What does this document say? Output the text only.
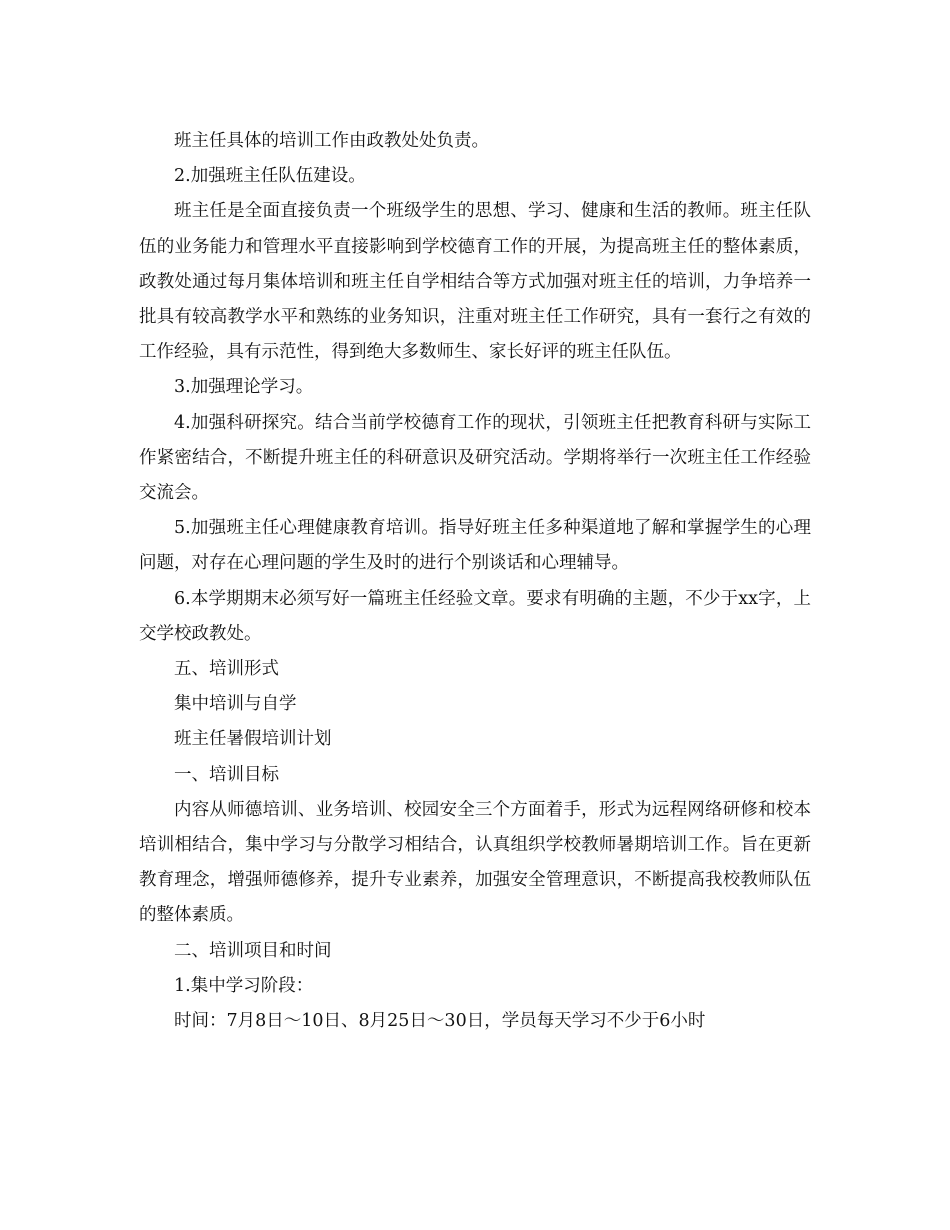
班主任具体的培训工作由政教处处负责。

2.加强班主任队伍建设。

班主任是全面直接负责一个班级学生的思想、学习、健康和生活的教师。班主任队伍的业务能力和管理水平直接影响到学校德育工作的开展，为提高班主任的整体素质，政教处通过每月集体培训和班主任自学相结合等方式加强对班主任的培训，力争培养一批具有较高教学水平和熟练的业务知识，注重对班主任工作研究，具有一套行之有效的工作经验，具有示范性，得到绝大多数师生、家长好评的班主任队伍。

3.加强理论学习。

4.加强科研探究。结合当前学校德育工作的现状，引领班主任把教育科研与实际工作紧密结合，不断提升班主任的科研意识及研究活动。学期将举行一次班主任工作经验交流会。

5.加强班主任心理健康教育培训。指导好班主任多种渠道地了解和掌握学生的心理问题，对存在心理问题的学生及时的进行个别谈话和心理辅导。

6.本学期期末必须写好一篇班主任经验文章。要求有明确的主题，不少于xx字，上交学校政教处。

五、培训形式

集中培训与自学

班主任暑假培训计划

一、培训目标

内容从师德培训、业务培训、校园安全三个方面着手，形式为远程网络研修和校本培训相结合，集中学习与分散学习相结合，认真组织学校教师暑期培训工作。旨在更新教育理念，增强师德修养，提升专业素养，加强安全管理意识，不断提高我校教师队伍的整体素质。

二、培训项目和时间

1.集中学习阶段：

时间：7月8日～10日、8月25日～30日，学员每天学习不少于6小时
